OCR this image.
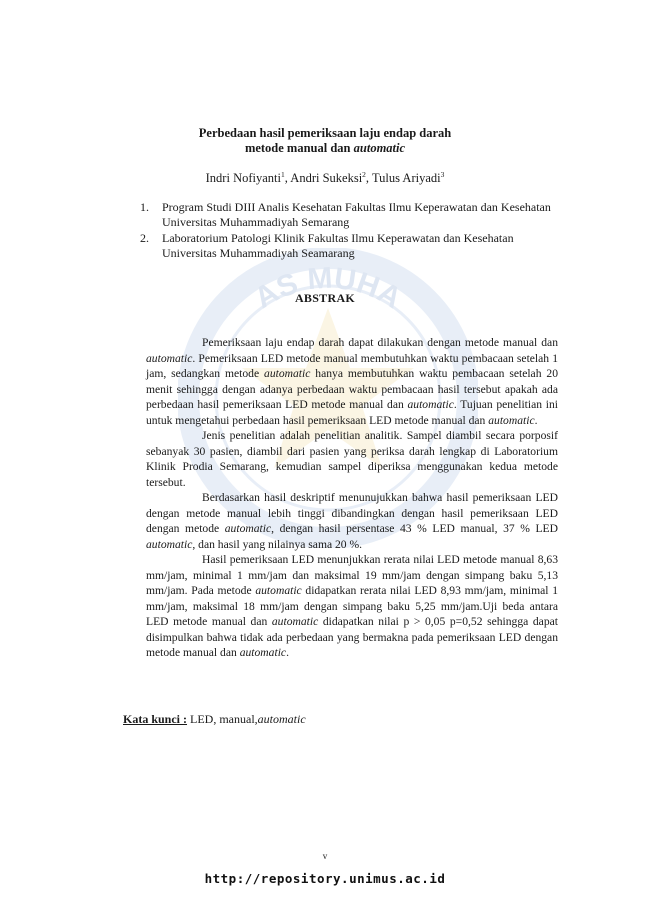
AS MUHA
Perbedaan hasil pemeriksaan laju endap darah
metode manual dan automatic
Indri Nofiyanti$^1$, Andri Sukeksi$^2$, Tulus Ariyadi$^3$
1. Program Studi DIII Analis Kesehatan Fakultas Ilmu Keperawatan dan Kesehatan Universitas Muhammadiyah Semarang
2. Laboratorium Patologi Klinik Fakultas Ilmu Keperawatan dan Kesehatan Universitas Muhammadiyah Seamarang
ABSTRAK

Pemeriksaan laju endap darah dapat dilakukan dengan metode manual dan automatic. Pemeriksaan LED metode manual membutuhkan waktu pembacaan setelah 1 jam, sedangkan metode automatic hanya membutuhkan waktu pembacaan setelah 20 menit sehingga dengan adanya perbedaan waktu pembacaan hasil tersebut apakah ada perbedaan hasil pemeriksaan LED metode manual dan automatic. Tujuan penelitian ini untuk mengetahui perbedaan hasil pemeriksaan LED metode manual dan automatic.

Jenis penelitian adalah penelitian analitik. Sampel diambil secara porposif sebanyak 30 pasien, diambil dari pasien yang periksa darah lengkap di Laboratorium Klinik Prodia Semarang, kemudian sampel diperiksa menggunakan kedua metode tersebut.

Berdasarkan hasil deskriptif menunujukkan bahwa hasil pemeriksaan LED dengan metode manual lebih tinggi dibandingkan dengan hasil pemeriksaan LED dengan metode automatic, dengan hasil persentase 43 % LED manual, 37 % LED automatic, dan hasil yang nilainya sama 20 %.

Hasil pemeriksaan LED menunjukkan rerata nilai LED metode manual 8,63 mm/jam, minimal 1 mm/jam dan maksimal 19 mm/jam dengan simpang baku 5,13 mm/jam. Pada metode automatic didapatkan rerata nilai LED 8,93 mm/jam, minimal 1 mm/jam, maksimal 18 mm/jam dengan simpang baku 5,25 mm/jam.Uji beda antara LED metode manual dan automatic didapatkan nilai p > 0,05 p=0,52 sehingga dapat disimpulkan bahwa tidak ada perbedaan yang bermakna pada pemeriksaan LED dengan metode manual dan automatic.

Kata kunci : LED, manual,automatic
v
http://repository.unimus.ac.id
